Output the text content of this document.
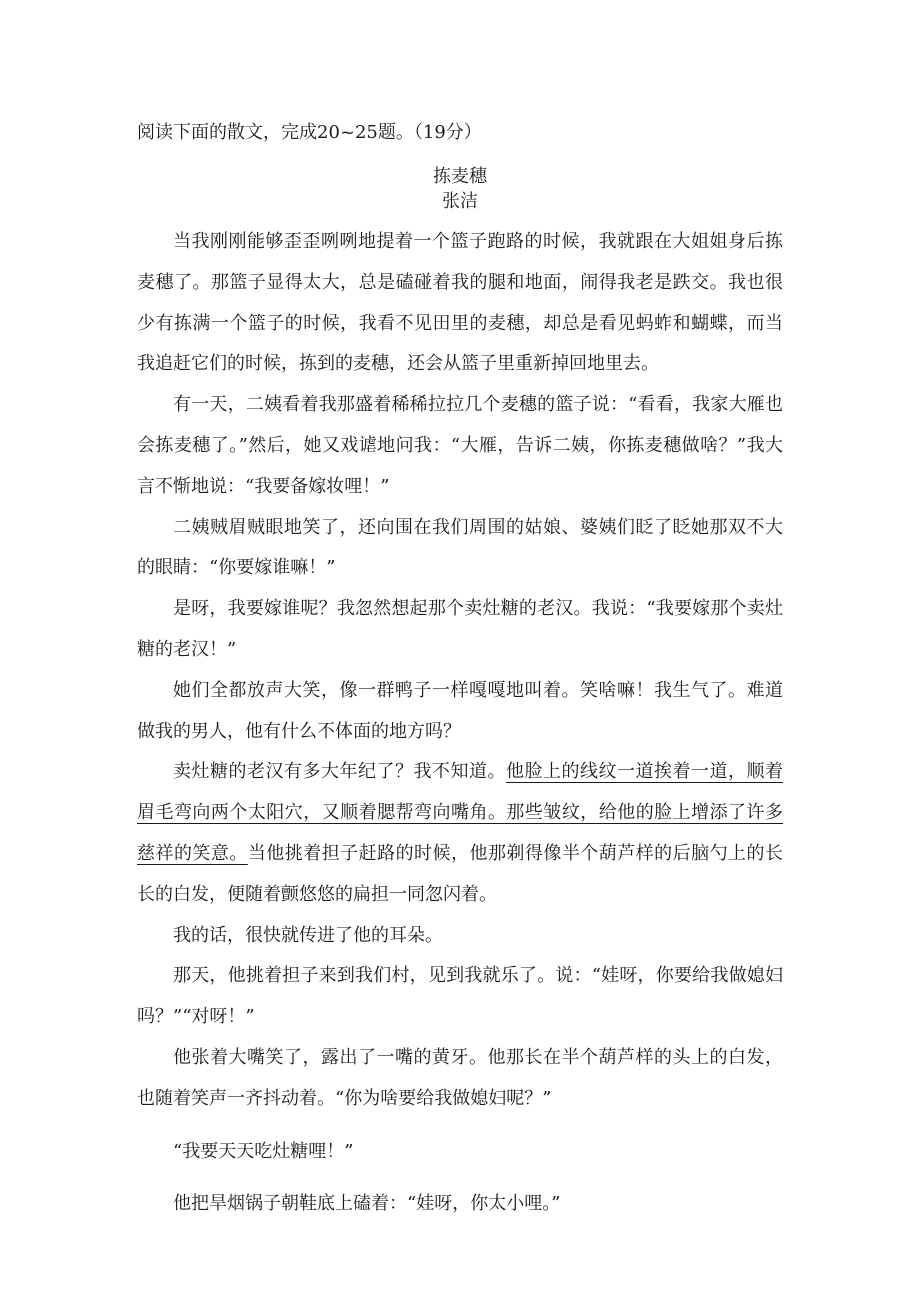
阅读下面的散文，完成20~25题。（19分）
拣麦穗
张洁

当我刚刚能够歪歪咧咧地提着一个篮子跑路的时候，我就跟在大姐姐身后拣麦穗了。那篮子显得太大，总是磕碰着我的腿和地面，闹得我老是跌交。我也很少有拣满一个篮子的时候，我看不见田里的麦穗，却总是看见蚂蚱和蝴蝶，而当我追赶它们的时候，拣到的麦穗，还会从篮子里重新掉回地里去。

有一天，二姨看着我那盛着稀稀拉拉几个麦穗的篮子说：“看看，我家大雁也会拣麦穗了。”然后，她又戏谑地问我：“大雁，告诉二姨，你拣麦穗做啥？”我大言不惭地说：“我要备嫁妆哩！”

二姨贼眉贼眼地笑了，还向围在我们周围的姑娘、婆姨们眨了眨她那双不大的眼睛：“你要嫁谁嘛！”

是呀，我要嫁谁呢？我忽然想起那个卖灶糖的老汉。我说：“我要嫁那个卖灶糖的老汉！”

她们全都放声大笑，像一群鸭子一样嘎嘎地叫着。笑啥嘛！我生气了。难道做我的男人，他有什么不体面的地方吗？

卖灶糖的老汉有多大年纪了？我不知道。他脸上的线纹一道挨着一道，顺着眉毛弯向两个太阳穴，又顺着腮帮弯向嘴角。那些皱纹，给他的脸上增添了许多慈祥的笑意。当他挑着担子赶路的时候，他那剃得像半个葫芦样的后脑勺上的长长的白发，便随着颤悠悠的扁担一同忽闪着。

我的话，很快就传进了他的耳朵。

那天，他挑着担子来到我们村，见到我就乐了。说：“娃呀，你要给我做媳妇吗？”“对呀！”

他张着大嘴笑了，露出了一嘴的黄牙。他那长在半个葫芦样的头上的白发，也随着笑声一齐抖动着。“你为啥要给我做媳妇呢？”

“我要天天吃灶糖哩！”

他把旱烟锅子朝鞋底上磕着：“娃呀，你太小哩。”
